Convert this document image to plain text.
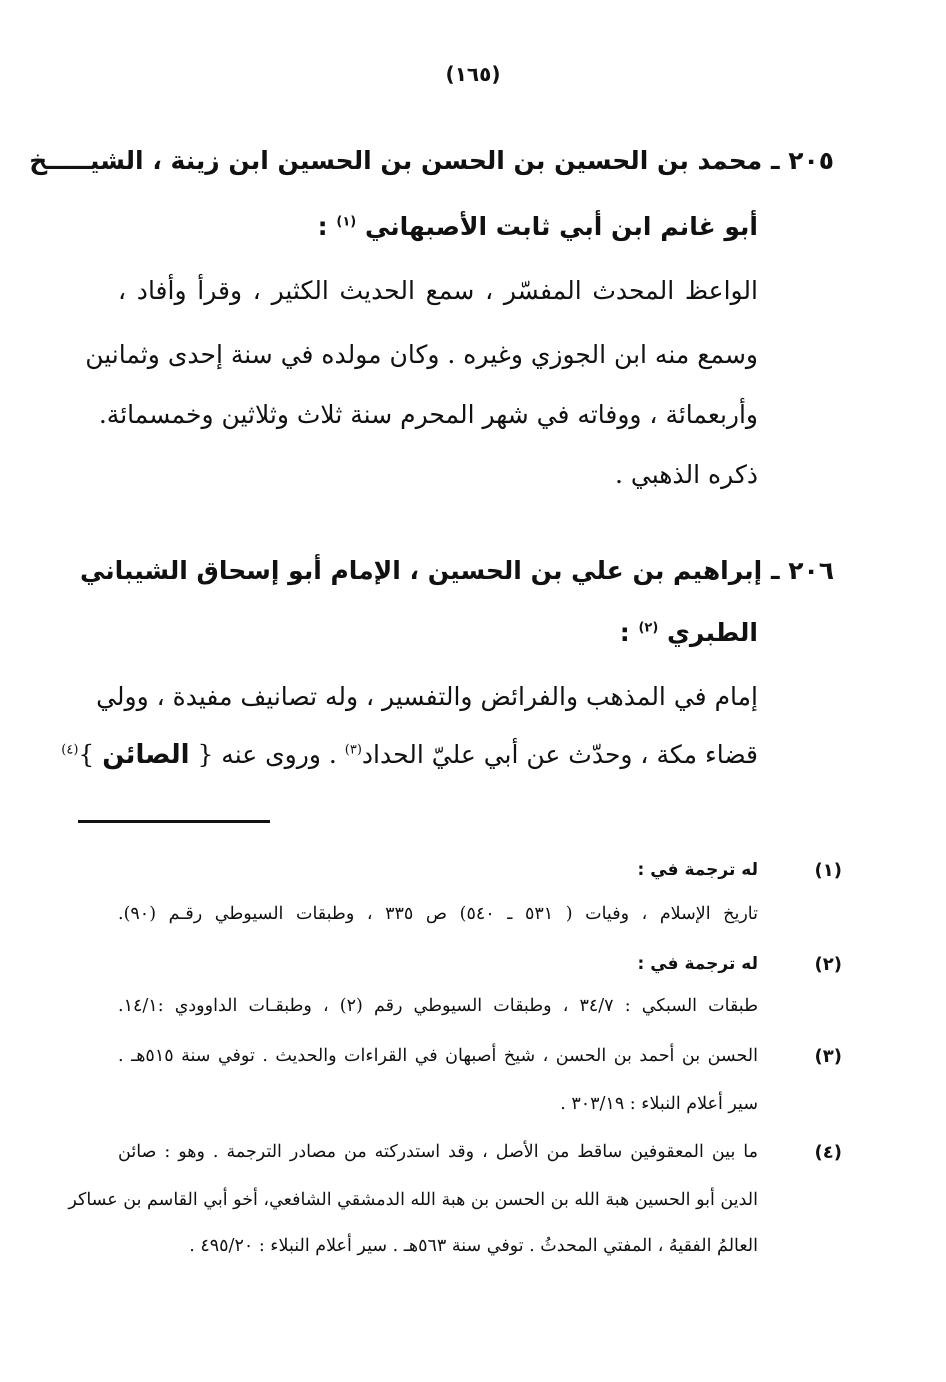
(١٦٥)
٢٠٥ ـ محمد بن الحسين بن الحسن بن الحسين ابن زينة ، الشيـــــخ
أبو غانم ابن أبي ثابت الأصبهاني $^{(١)}$ :
الواعظ المحدث المفسّر ، سمع الحديث الكثير ، وقرأ وأفاد ،
وسمع منه ابن الجوزي وغيره . وكان مولده في سنة إحدى وثمانين
وأربعمائة ، ووفاته في شهر المحرم سنة ثلاث وثلاثين وخمسمائة.
ذكره الذهبي .
٢٠٦ ـ إبراهيم بن علي بن الحسين ، الإمام أبو إسحاق الشيباني
الطبري $^{(٢)}$ :
إمام في المذهب والفرائض والتفسير ، وله تصانيف مفيدة ، وولي
قضاء مكة ، وحدّث عن أبي عليّ الحداد$^{(٣)}$ . وروى عنه { الصائن }$^{(٤)}$
(١)
له ترجمة في :
تاريخ الإسلام ، وفيات ( ٥٣١ ـ ٥٤٠) ص ٣٣٥ ، وطبقات السيوطي رقـم (٩٠).
(٢)
له ترجمة في :
طبقات السبكي : ٣٤/٧ ، وطبقات السيوطي رقم (٢) ، وطبقـات الداوودي :١٤/١.
(٣)
الحسن بن أحمد بن الحسن ، شيخ أصبهان في القراءات والحديث . توفي سنة ٥١٥هـ .
سير أعلام النبلاء : ٣٠٣/١٩ .
(٤)
ما بين المعقوفين ساقط من الأصل ، وقد استدركته من مصادر الترجمة . وهو : صائن
الدين أبو الحسين هبة الله بن الحسن بن هبة الله الدمشقي الشافعي، أخو أبي القاسم بن عساكر
العالمُ الفقيهُ ، المفتي المحدثُ . توفي سنة ٥٦٣هـ . سير أعلام النبلاء : ٤٩٥/٢٠ .
